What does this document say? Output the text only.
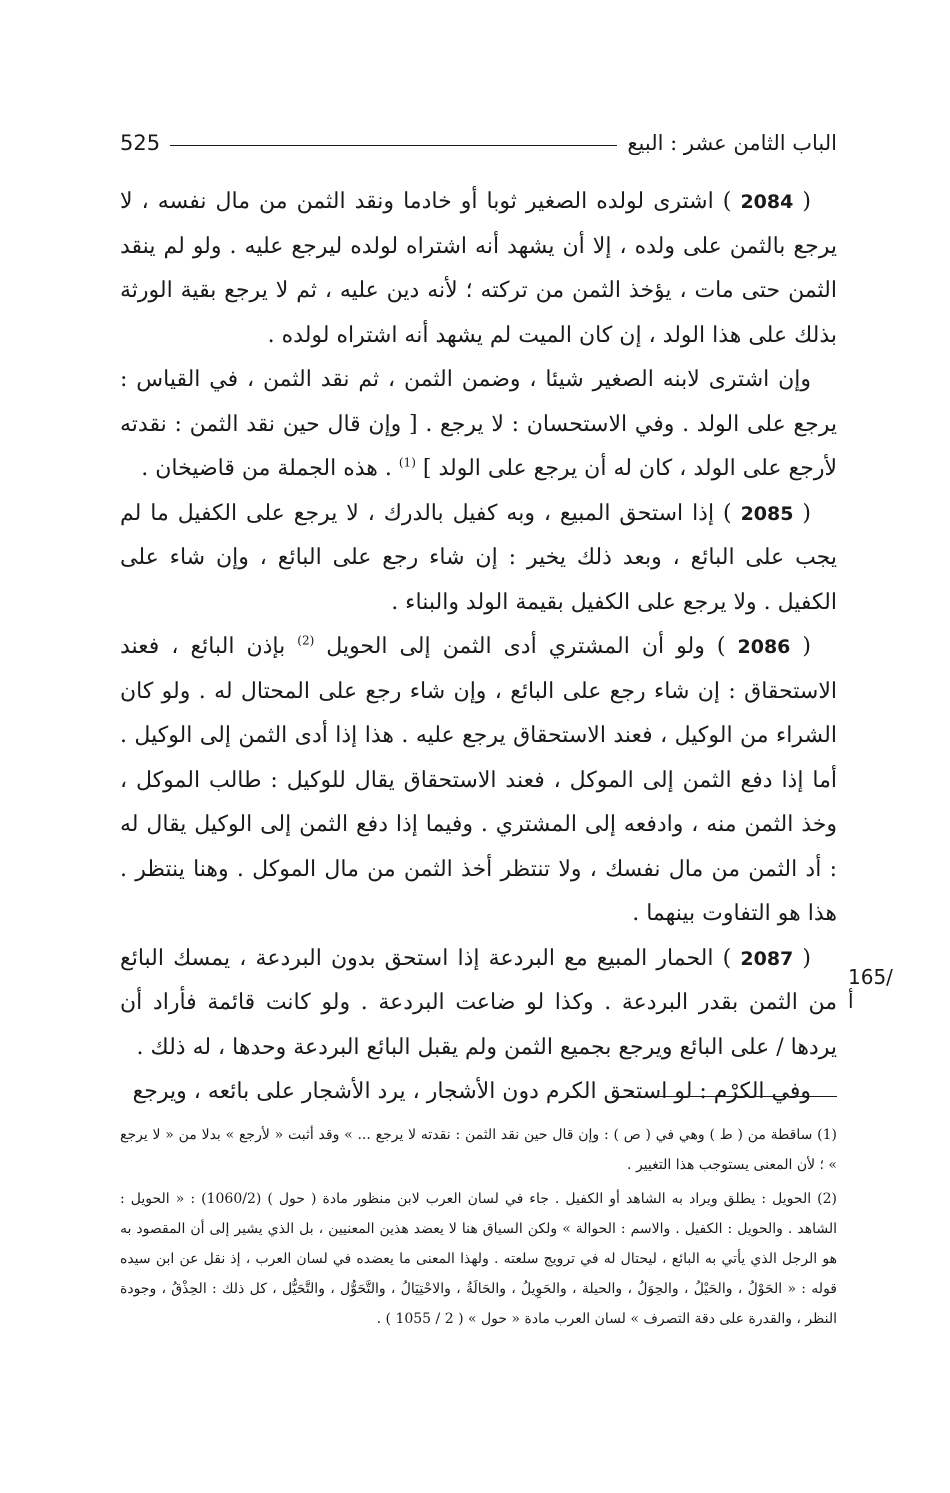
الباب الثامن عشر : البيع
525

( 2084 ) اشترى لولده الصغير ثوبا أو خادما ونقد الثمن من مال نفسه ، لا يرجع بالثمن على ولده ، إلا أن يشهد أنه اشتراه لولده ليرجع عليه . ولو لم ينقد الثمن حتى مات ، يؤخذ الثمن من تركته ؛ لأنه دين عليه ، ثم لا يرجع بقية الورثة بذلك على هذا الولد ، إن كان الميت لم يشهد أنه اشتراه لولده .

وإن اشترى لابنه الصغير شيئا ، وضمن الثمن ، ثم نقد الثمن ، في القياس : يرجع على الولد . وفي الاستحسان : لا يرجع . [ وإن قال حين نقد الثمن : نقدته لأرجع على الولد ، كان له أن يرجع على الولد ] $^{(1)}$ . هذه الجملة من قاضيخان .

( 2085 ) إذا استحق المبيع ، وبه كفيل بالدرك ، لا يرجع على الكفيل ما لم يجب على البائع ، وبعد ذلك يخير : إن شاء رجع على البائع ، وإن شاء على الكفيل . ولا يرجع على الكفيل بقيمة الولد والبناء .

( 2086 ) ولو أن المشتري أدى الثمن إلى الحويل $^{(2)}$ بإذن البائع ، فعند الاستحقاق : إن شاء رجع على البائع ، وإن شاء رجع على المحتال له . ولو كان الشراء من الوكيل ، فعند الاستحقاق يرجع عليه . هذا إذا أدى الثمن إلى الوكيل . أما إذا دفع الثمن إلى الموكل ، فعند الاستحقاق يقال للوكيل : طالب الموكل ، وخذ الثمن منه ، وادفعه إلى المشتري . وفيما إذا دفع الثمن إلى الوكيل يقال له : أد الثمن من مال نفسك ، ولا تنتظر أخذ الثمن من مال الموكل . وهنا ينتظر . هذا هو التفاوت بينهما .

( 2087 ) الحمار المبيع مع البردعة إذا استحق بدون البردعة ، يمسك البائع من الثمن بقدر البردعة . وكذا لو ضاعت البردعة . ولو كانت قائمة فأراد أن يردها / على البائع ويرجع بجميع الثمن ولم يقبل البائع البردعة وحدها ، له ذلك .

وفي الكرْم : لو استحق الكرم دون الأشجار ، يرد الأشجار على بائعه ، ويرجع

165/أ

(1) ساقطة من ( ط ) وهي في ( ص ) : وإن قال حين نقد الثمن : نقدته لا يرجع ... » وقد أثبت « لأرجع » بدلا من « لا يرجع » ؛ لأن المعنى يستوجب هذا التغيير .

(2) الحويل : يطلق ويراد به الشاهد أو الكفيل . جاء في لسان العرب لابن منظور مادة ( حول ) (1060/2) : « الحويل : الشاهد . والحويل : الكفيل . والاسم : الحوالة » ولكن السياق هنا لا يعضد هذين المعنيين ، بل الذي يشير إلى أن المقصود به هو الرجل الذي يأتي به البائع ، ليحتال له في ترويج سلعته . ولهذا المعنى ما يعضده في لسان العرب ، إذ نقل عن ابن سيده قوله : « الحَوْلُ ، والحَيْلُ ، والحِوَلُ ، والحيلة ، والحَوِيلُ ، والحَالَةُ ، والاحْتِيَالُ ، والتَّحَوُّل ، والتَّحَيُّل ، كل ذلك : الحِذْقُ ، وجودة النظر ، والقدرة على دقة التصرف » لسان العرب مادة « حول » ( 2 / 1055 ) .
